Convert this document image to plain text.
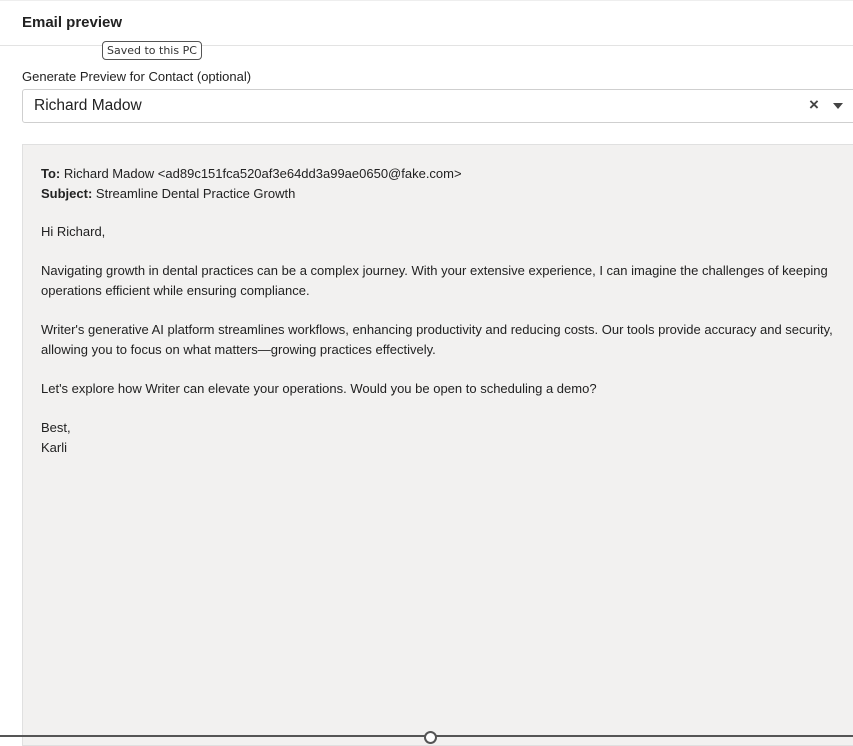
Email preview
Saved to this PC
Generate Preview for Contact (optional)
Richard Madow	×
To: Richard Madow <ad89c151fca520af3e64dd3a99ae0650@fake.com>
Subject: Streamline Dental Practice Growth

Hi Richard,

Navigating growth in dental practices can be a complex journey. With your extensive experience, I can imagine the challenges of keeping operations efficient while ensuring compliance.

Writer's generative AI platform streamlines workflows, enhancing productivity and reducing costs. Our tools provide accuracy and security, allowing you to focus on what matters—growing practices effectively.

Let's explore how Writer can elevate your operations. Would you be open to scheduling a demo?

Best,
Karli
